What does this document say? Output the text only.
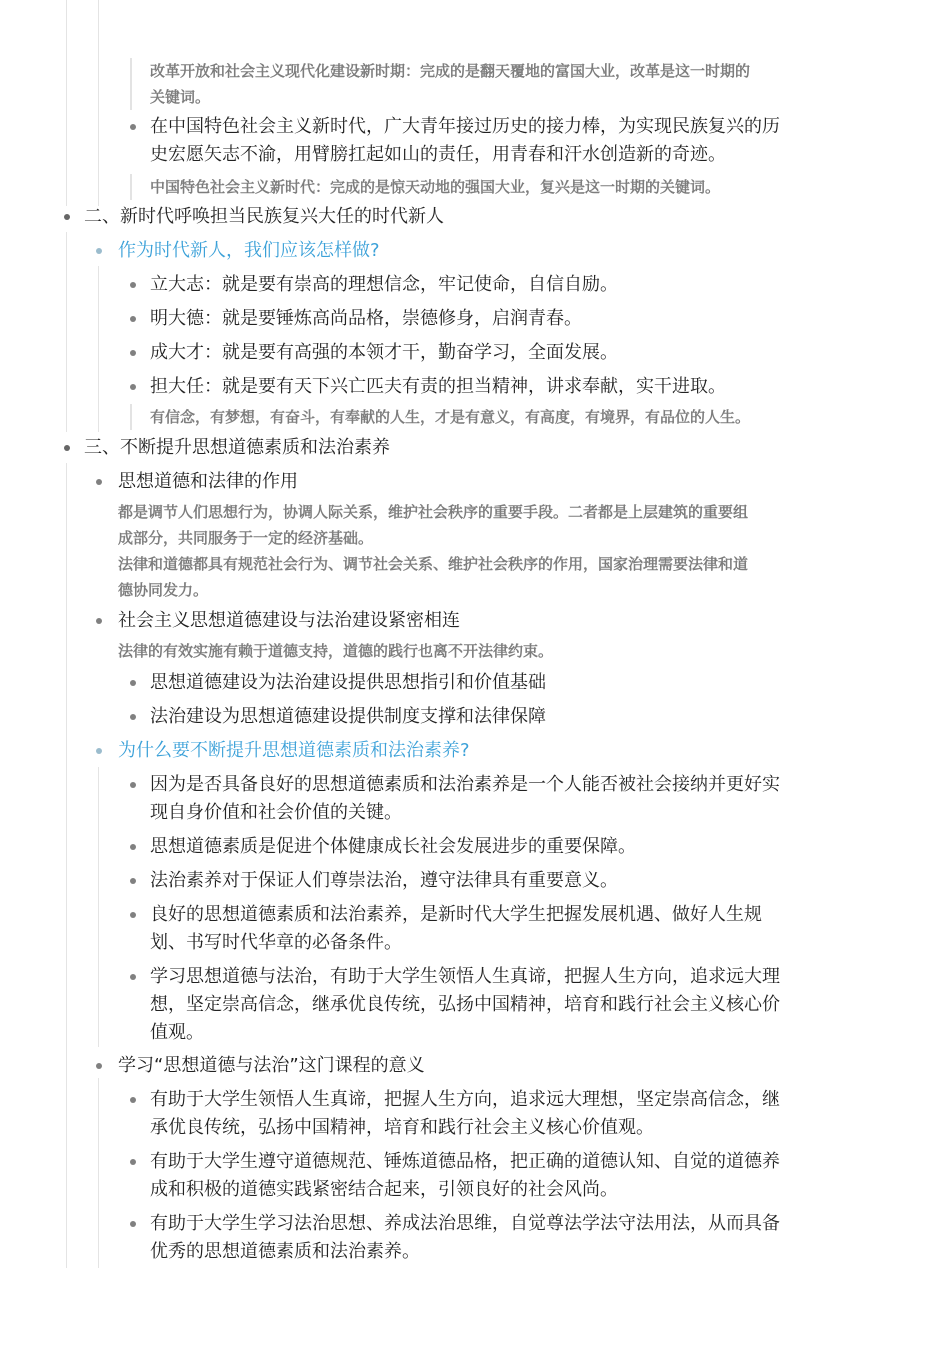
改革开放和社会主义现代化建设新时期：完成的是翻天覆地的富国大业，改革是这一时期的
关键词。
在中国特色社会主义新时代，广大青年接过历史的接力棒，为实现民族复兴的历
史宏愿矢志不渝，用臂膀扛起如山的责任，用青春和汗水创造新的奇迹。
中国特色社会主义新时代：完成的是惊天动地的强国大业，复兴是这一时期的关键词。
二、新时代呼唤担当民族复兴大任的时代新人
作为时代新人，我们应该怎样做?
立大志：就是要有崇高的理想信念，牢记使命，自信自励。
明大德：就是要锤炼高尚品格，崇德修身，启润青春。
成大才：就是要有高强的本领才干，勤奋学习，全面发展。
担大任：就是要有天下兴亡匹夫有责的担当精神，讲求奉献，实干进取。
有信念，有梦想，有奋斗，有奉献的人生，才是有意义，有高度，有境界，有品位的人生。
三、不断提升思想道德素质和法治素养
思想道德和法律的作用
都是调节人们思想行为，协调人际关系，维护社会秩序的重要手段。二者都是上层建筑的重要组
成部分，共同服务于一定的经济基础。
法律和道德都具有规范社会行为、调节社会关系、维护社会秩序的作用，国家治理需要法律和道
德协同发力。
社会主义思想道德建设与法治建设紧密相连
法律的有效实施有赖于道德支持，道德的践行也离不开法律约束。
思想道德建设为法治建设提供思想指引和价值基础
法治建设为思想道德建设提供制度支撑和法律保障
为什么要不断提升思想道德素质和法治素养?
因为是否具备良好的思想道德素质和法治素养是一个人能否被社会接纳并更好实
现自身价值和社会价值的关键。
思想道德素质是促进个体健康成长社会发展进步的重要保障。
法治素养对于保证人们尊崇法治，遵守法律具有重要意义。
良好的思想道德素质和法治素养，是新时代大学生把握发展机遇、做好人生规
划、书写时代华章的必备条件。
学习思想道德与法治，有助于大学生领悟人生真谛，把握人生方向，追求远大理
想，坚定崇高信念，继承优良传统，弘扬中国精神，培育和践行社会主义核心价
值观。
学习“思想道德与法治”这门课程的意义
有助于大学生领悟人生真谛，把握人生方向，追求远大理想，坚定崇高信念，继
承优良传统，弘扬中国精神，培育和践行社会主义核心价值观。
有助于大学生遵守道德规范、锤炼道德品格，把正确的道德认知、自觉的道德养
成和积极的道德实践紧密结合起来，引领良好的社会风尚。
有助于大学生学习法治思想、养成法治思维，自觉尊法学法守法用法，从而具备
优秀的思想道德素质和法治素养。
